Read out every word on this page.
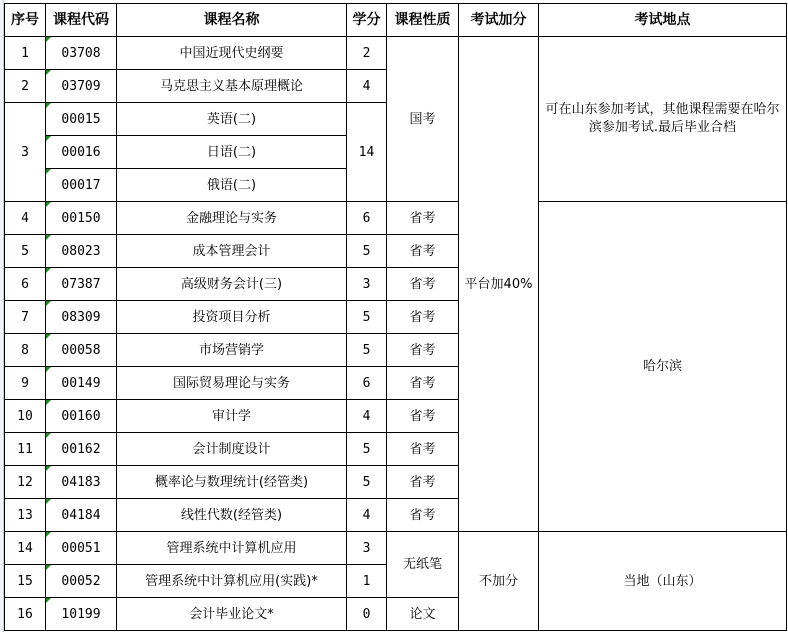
序号	课程代码	课程名称	学分	课程性质	考试加分	考试地点
1	03708	中国近现代史纲要	2	国考	平台加40%	可在山东参加考试，其他课程需要在哈尔滨参加考试.最后毕业合档
2	03709	马克思主义基本原理概论	4			
3	00015	英语(二)	14			
	00016	日语(二)				
	00017	俄语(二)				
4	00150	金融理论与实务	6	省考		哈尔滨
5	08023	成本管理会计	5	省考		
6	07387	高级财务会计(三)	3	省考		
7	08309	投资项目分析	5	省考		
8	00058	市场营销学	5	省考		
9	00149	国际贸易理论与实务	6	省考		
10	00160	审计学	4	省考		
11	00162	会计制度设计	5	省考		
12	04183	概率论与数理统计(经管类)	5	省考		
13	04184	线性代数(经管类)	4	省考		
14	00051	管理系统中计算机应用	3	无纸笔	不加分	当地（山东）
15	00052	管理系统中计算机应用(实践)*	1			
16	10199	会计毕业论文*	0	论文		
